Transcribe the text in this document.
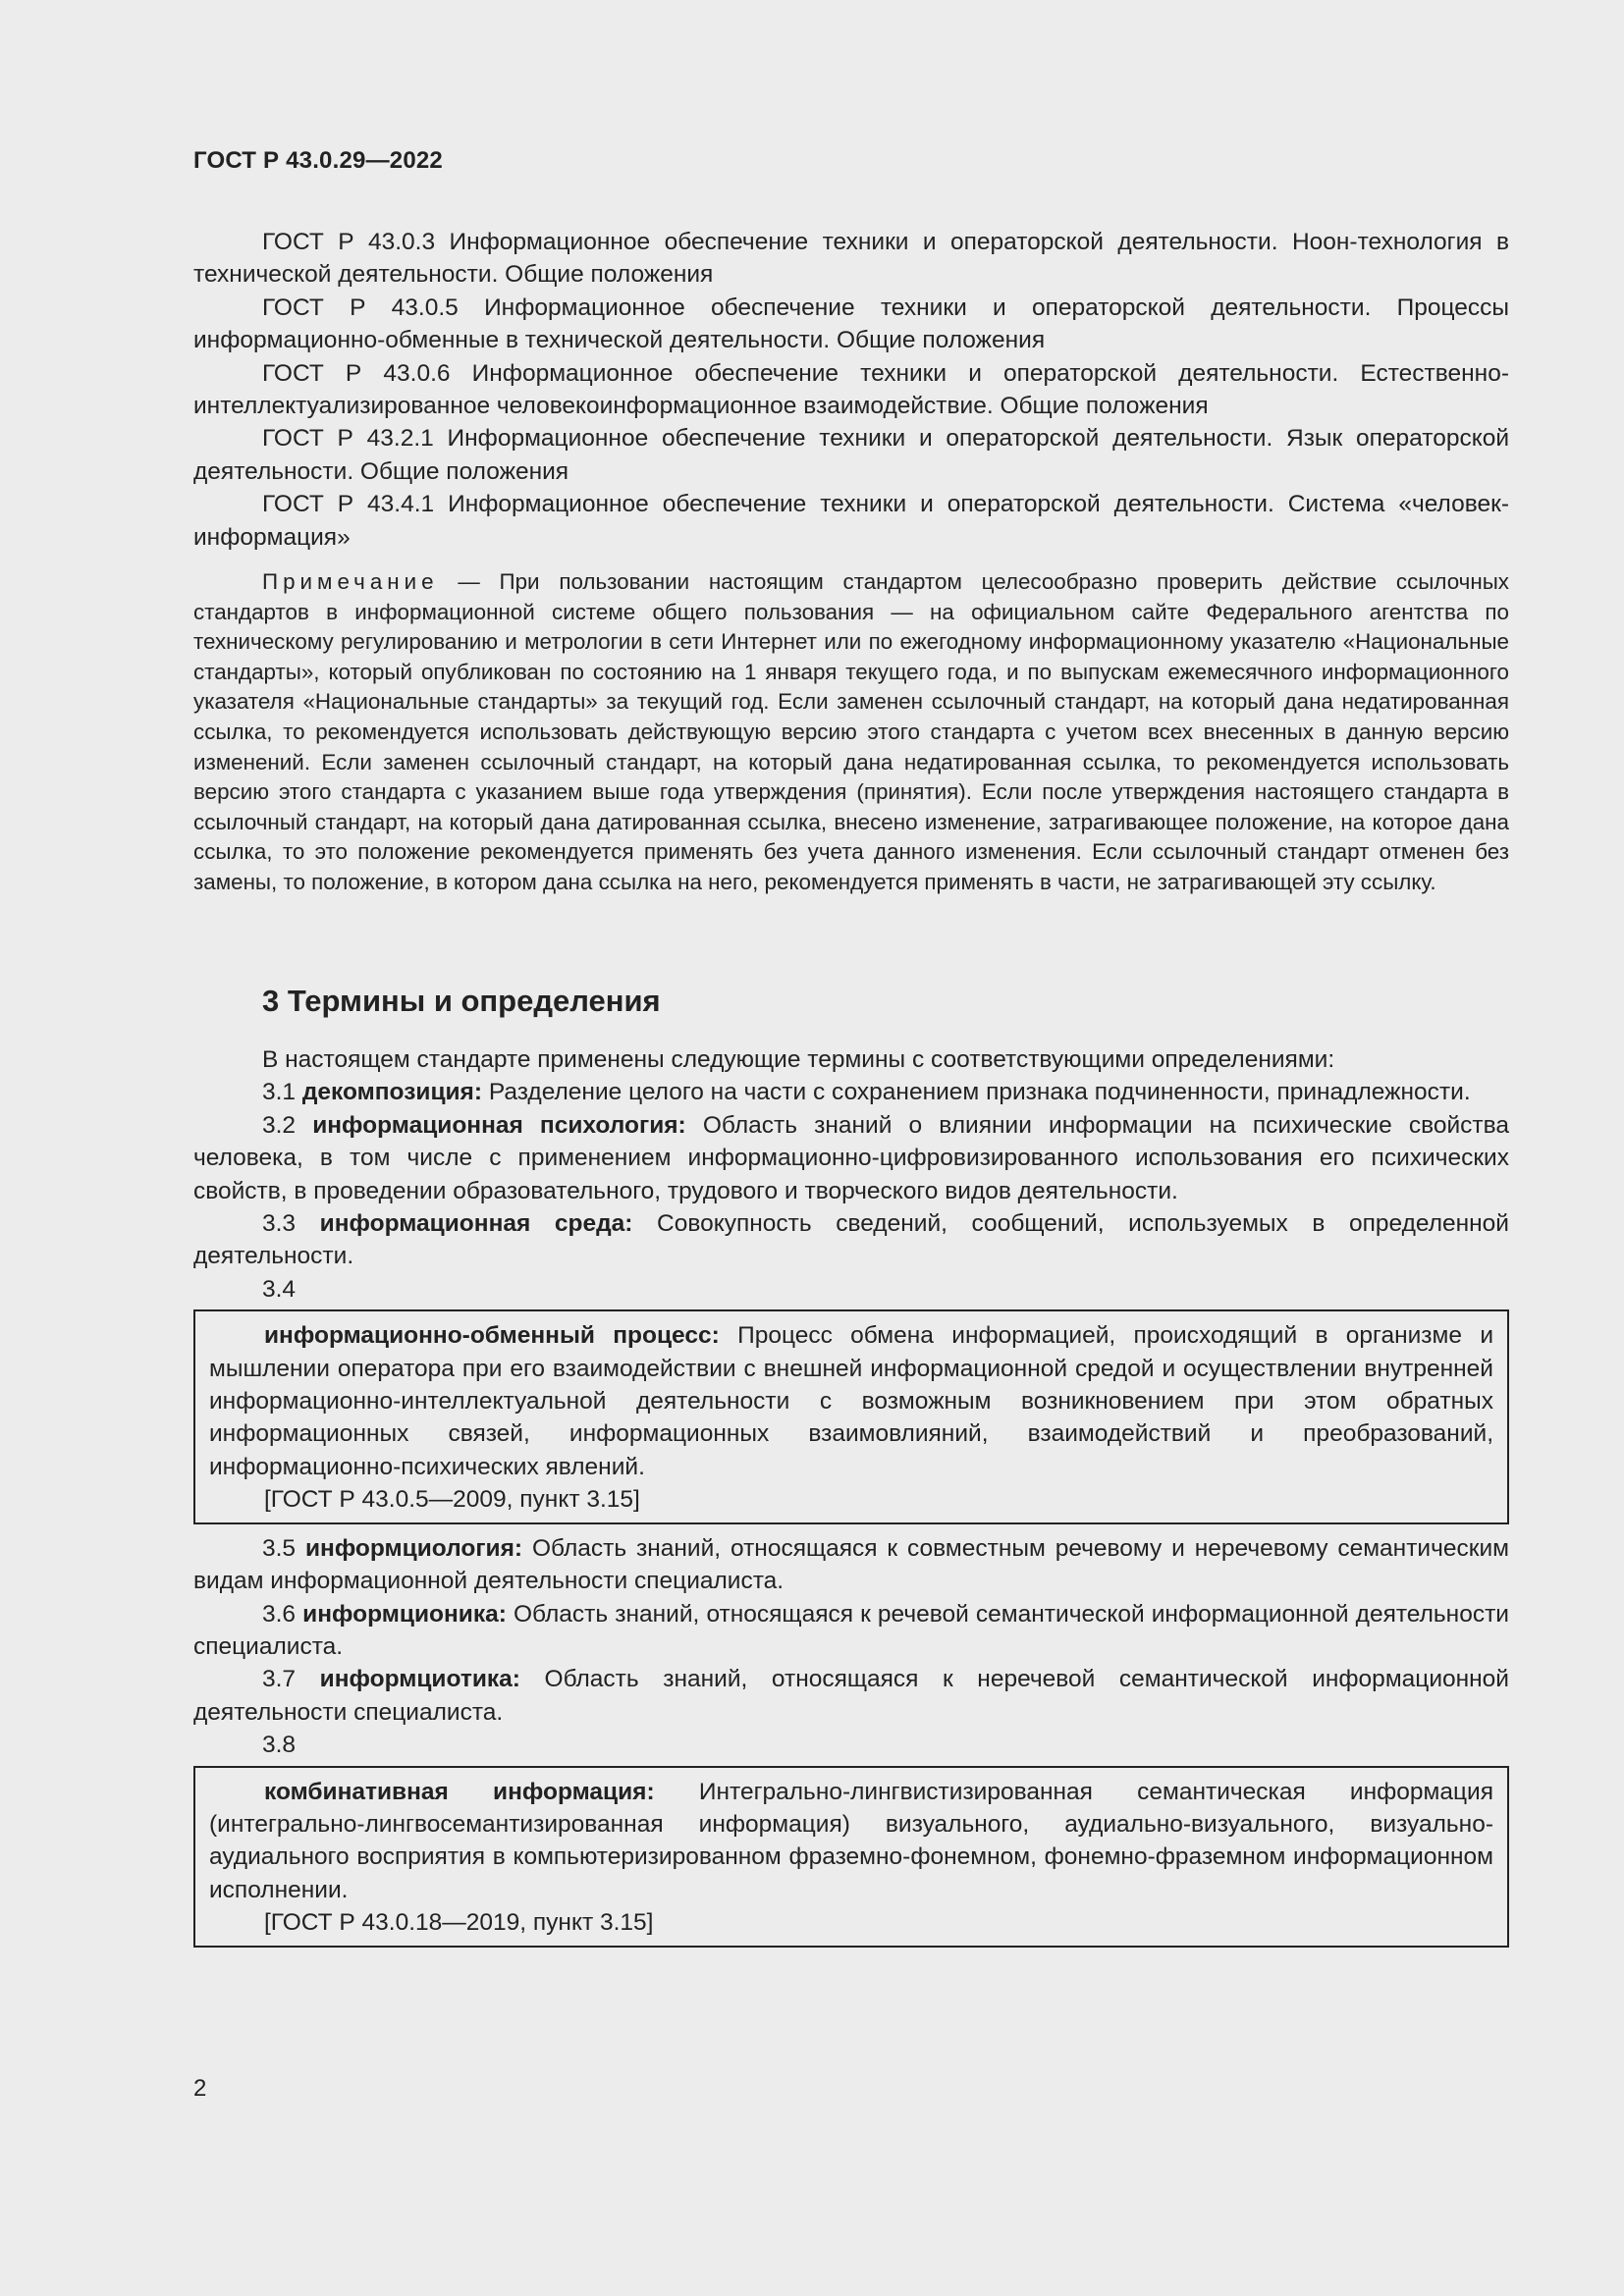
ГОСТ Р 43.0.29—2022

ГОСТ Р 43.0.3 Информационное обеспечение техники и операторской деятельности. Ноон-технология в технической деятельности. Общие положения

ГОСТ Р 43.0.5 Информационное обеспечение техники и операторской деятельности. Процессы информационно-обменные в технической деятельности. Общие положения

ГОСТ Р 43.0.6 Информационное обеспечение техники и операторской деятельности. Естественно-интеллектуализированное человекоинформационное взаимодействие. Общие положения

ГОСТ Р 43.2.1 Информационное обеспечение техники и операторской деятельности. Язык операторской деятельности. Общие положения

ГОСТ Р 43.4.1 Информационное обеспечение техники и операторской деятельности. Система «человек-информация»

Примечание — При пользовании настоящим стандартом целесообразно проверить действие ссылочных стандартов в информационной системе общего пользования — на официальном сайте Федерального агентства по техническому регулированию и метрологии в сети Интернет или по ежегодному информационному указателю «Национальные стандарты», который опубликован по состоянию на 1 января текущего года, и по выпускам ежемесячного информационного указателя «Национальные стандарты» за текущий год. Если заменен ссылочный стандарт, на который дана недатированная ссылка, то рекомендуется использовать действующую версию этого стандарта с учетом всех внесенных в данную версию изменений. Если заменен ссылочный стандарт, на который дана недатированная ссылка, то рекомендуется использовать версию этого стандарта с указанием выше года утверждения (принятия). Если после утверждения настоящего стандарта в ссылочный стандарт, на который дана датированная ссылка, внесено изменение, затрагивающее положение, на которое дана ссылка, то это положение рекомендуется применять без учета данного изменения. Если ссылочный стандарт отменен без замены, то положение, в котором дана ссылка на него, рекомендуется применять в части, не затрагивающей эту ссылку.

3 Термины и определения

В настоящем стандарте применены следующие термины с соответствующими определениями:

3.1 декомпозиция: Разделение целого на части с сохранением признака подчиненности, принадлежности.

3.2 информационная психология: Область знаний о влиянии информации на психические свойства человека, в том числе с применением информационно-цифровизированного использования его психических свойств, в проведении образовательного, трудового и творческого видов деятельности.

3.3 информационная среда: Совокупность сведений, сообщений, используемых в определенной деятельности.

3.4

информационно-обменный процесс: Процесс обмена информацией, происходящий в организме и мышлении оператора при его взаимодействии с внешней информационной средой и осуществлении внутренней информационно-интеллектуальной деятельности с возможным возникновением при этом обратных информационных связей, информационных взаимовлияний, взаимодействий и преобразований, информационно-психических явлений.

[ГОСТ Р 43.0.5—2009, пункт 3.15]

3.5 информциология: Область знаний, относящаяся к совместным речевому и неречевому семантическим видам информационной деятельности специалиста.

3.6 информционика: Область знаний, относящаяся к речевой семантической информационной деятельности специалиста.

3.7 информциотика: Область знаний, относящаяся к неречевой семантической информационной деятельности специалиста.

3.8

комбинативная информация: Интегрально-лингвистизированная семантическая информация (интегрально-лингвосемантизированная информация) визуального, аудиально-визуального, визуально-аудиального восприятия в компьютеризированном фраземно-фонемном, фонемно-фраземном информационном исполнении.

[ГОСТ Р 43.0.18—2019, пункт 3.15]

2
